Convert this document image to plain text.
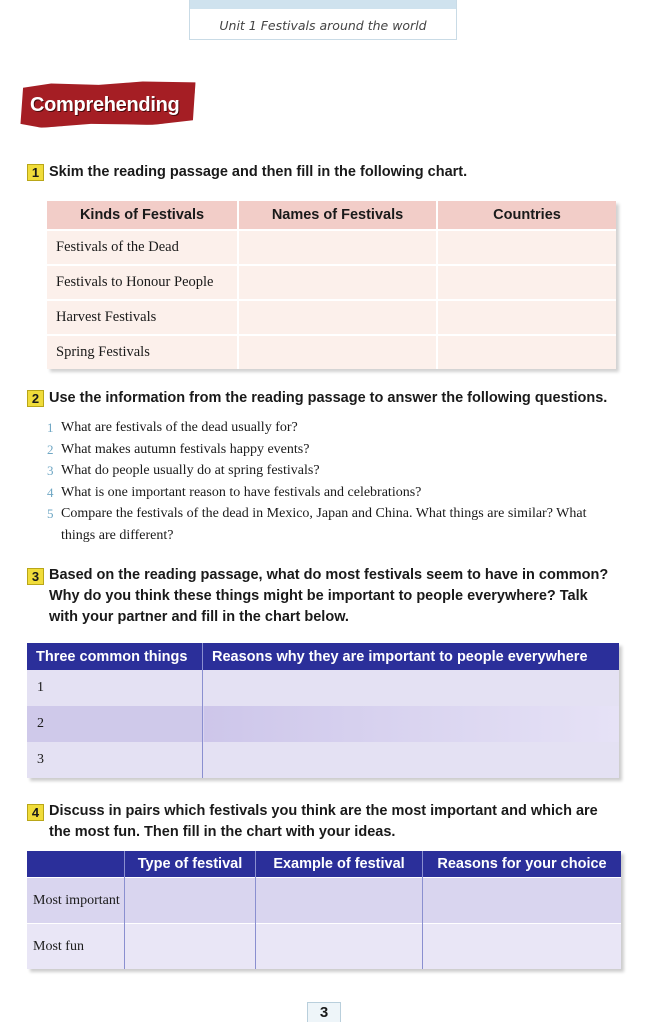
Unit 1 Festivals around the world
Comprehending
1 Skim the reading passage and then fill in the following chart.
Kinds of Festivals	Names of Festivals	Countries
Festivals of the Dead		
Festivals to Honour People		
Harvest Festivals		
Spring Festivals		
2 Use the information from the reading passage to answer the following questions.
1 What are festivals of the dead usually for?
2 What makes autumn festivals happy events?
3 What do people usually do at spring festivals?
4 What is one important reason to have festivals and celebrations?
5 Compare the festivals of the dead in Mexico, Japan and China. What things are similar? What things are different?
3 Based on the reading passage, what do most festivals seem to have in common?
Why do you think these things might be important to people everywhere? Talk
with your partner and fill in the chart below.
Three common things	Reasons why they are important to people everywhere
1	
2	
3	
4 Discuss in pairs which festivals you think are the most important and which are
the most fun. Then fill in the chart with your ideas.
	Type of festival	Example of festival	Reasons for your choice
Most important			
Most fun			
3
